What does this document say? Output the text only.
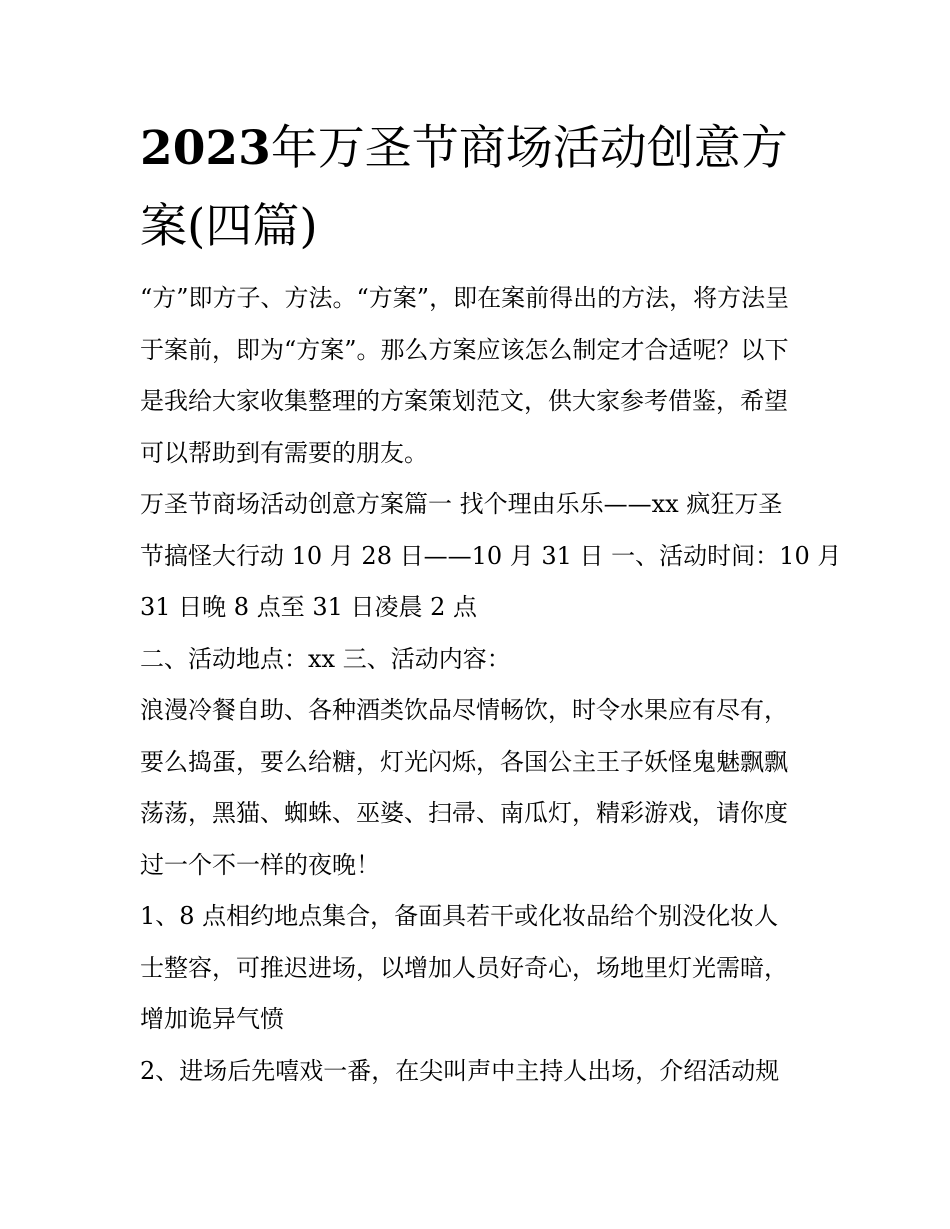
2023年万圣节商场活动创意方
案(四篇)

“方”即方子、方法。“方案”，即在案前得出的方法，将方法呈
于案前，即为“方案”。那么方案应该怎么制定才合适呢？以下
是我给大家收集整理的方案策划范文，供大家参考借鉴，希望
可以帮助到有需要的朋友。

万圣节商场活动创意方案篇一 找个理由乐乐——xx 疯狂万圣
节搞怪大行动 10 月 28 日——10 月 31 日 一、活动时间：10 月
31 日晚 8 点至 31 日凌晨 2 点

二、活动地点：xx 三、活动内容：

浪漫冷餐自助、各种酒类饮品尽情畅饮，时令水果应有尽有，
要么捣蛋，要么给糖，灯光闪烁，各国公主王子妖怪鬼魅飘飘
荡荡，黑猫、蜘蛛、巫婆、扫帚、南瓜灯，精彩游戏，请你度
过一个不一样的夜晚！

1、8 点相约地点集合，备面具若干或化妆品给个别没化妆人
士整容，可推迟进场，以增加人员好奇心，场地里灯光需暗，
增加诡异气愤

2、进场后先嘻戏一番，在尖叫声中主持人出场，介绍活动规
